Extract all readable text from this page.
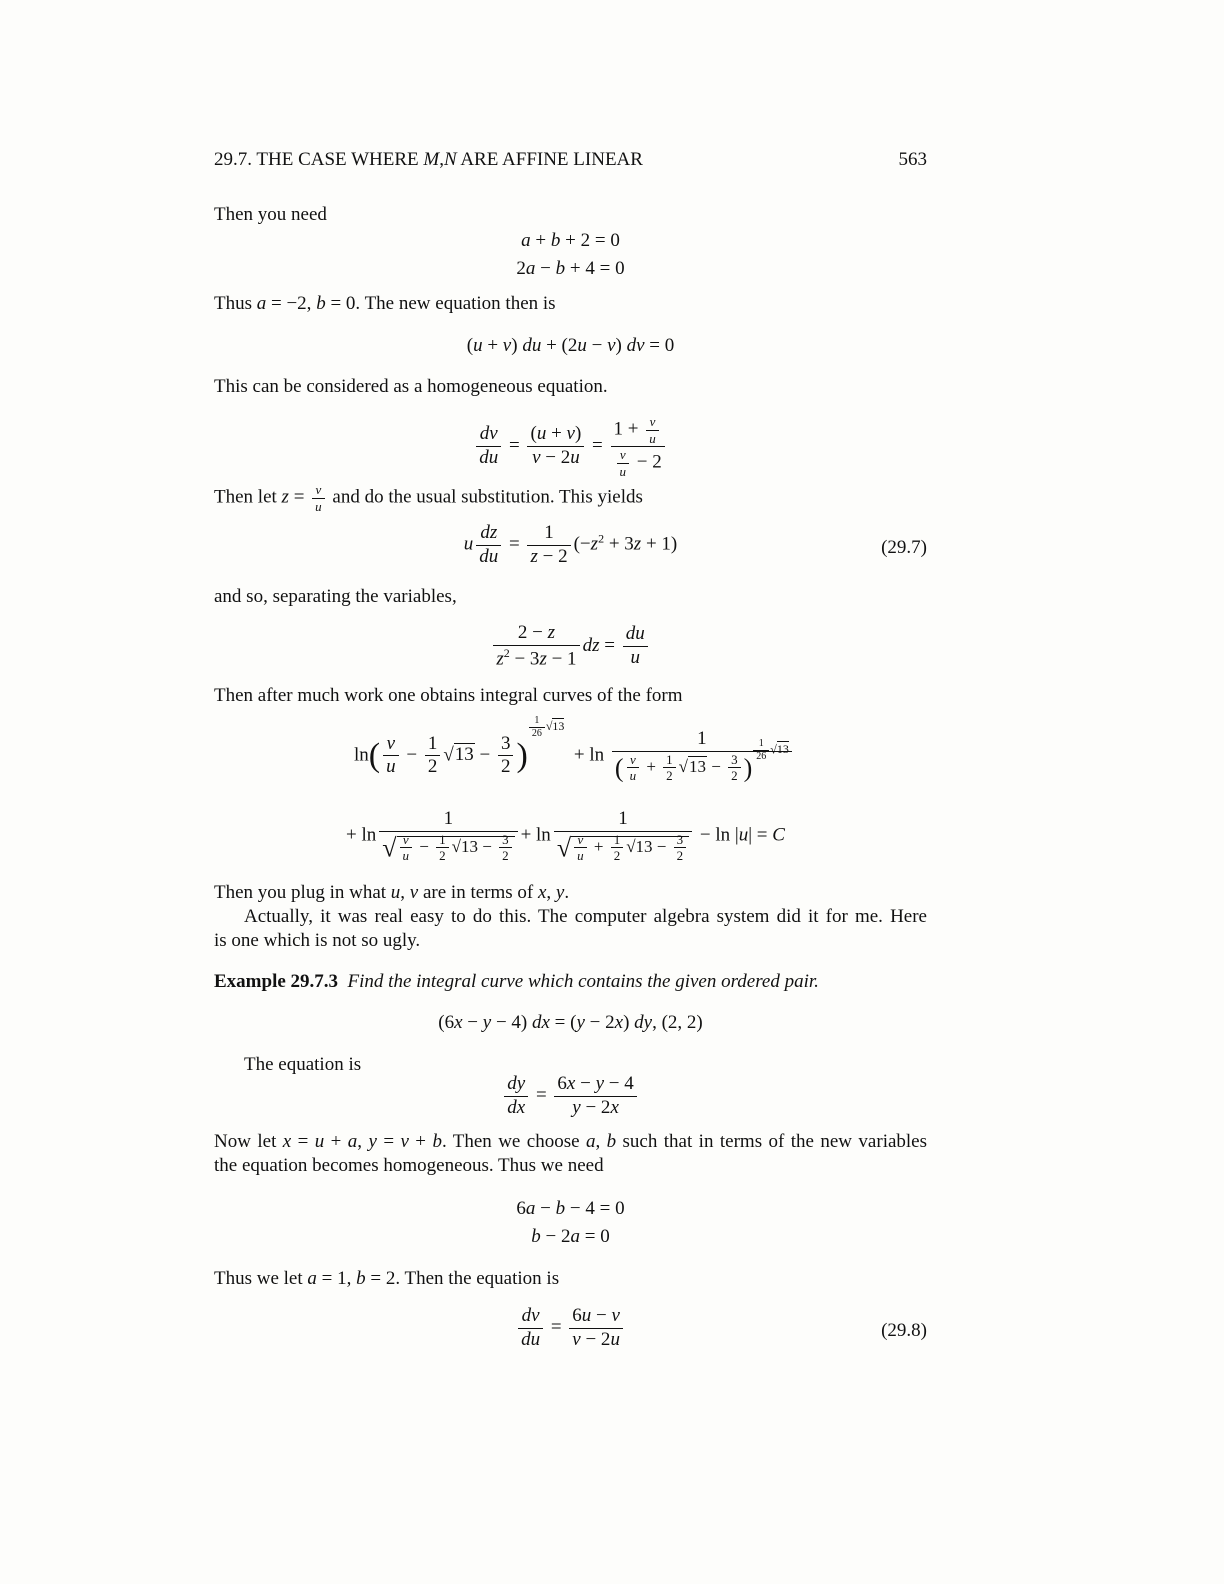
29.7. THE CASE WHERE M,N ARE AFFINE LINEAR	563
Then you need
a + b + 2 = 0
2a − b + 4 = 0
Thus a = −2, b = 0. The new equation then is
(u + v) du + (2u − v) dv = 0
This can be considered as a homogeneous equation.
$\frac{dv}{du} = \frac{(u + v)}{v - 2u} = \frac{1 + \frac{v}{u}}{\frac{v}{u} - 2}$
Then let $z = \frac{v}{u}$ and do the usual substitution. This yields
u $\frac{dz}{du} = \frac{1}{z - 2} (-z^2 + 3z + 1)$	(29.7)
and so, separating the variables,
$\frac{2 - z}{z^2 - 3z - 1}$ dz = $\frac{du}{u}$
Then after much work one obtains integral curves of the form
$\ln( \frac{v}{u} - \frac{1}{2} √13 - \frac{3}{2}$ )
$\frac{1}{26} √13 + \ln 1$
( $\frac{v}{u} + \frac{1}{2} √13 - \frac{3}{2}$ )
$\frac{1}{26} √13$
+ $\ln \frac{1}{√ \frac{v}{u} - \frac{1}{2} √13 - \frac{3}{2}} + \ln \frac{1}{√ \frac{v}{u} + \frac{1}{2} √13 - \frac{3}{2}} - \ln |u| = C$
Then you plug in what u, v are in terms of x, y.
Actually, it was real easy to do this. The computer algebra system did it for me. Here
is one which is not so ugly.
Example 29.7.3 Find the integral curve which contains the given ordered pair.
(6x − y − 4) dx = (y − 2x) dy, (2, 2)
The equation is
$\frac{dy}{dx} = \frac{6x - y - 4}{y - 2x}$
Now let x = u + a, y = v + b. Then we choose a, b such that in terms of the new variables
the equation becomes homogeneous. Thus we need
6a − b − 4 = 0
b − 2a = 0
Thus we let a = 1, b = 2. Then the equation is
$\frac{dv}{du} = \frac{6u - v}{v - 2u}$	(29.8)
